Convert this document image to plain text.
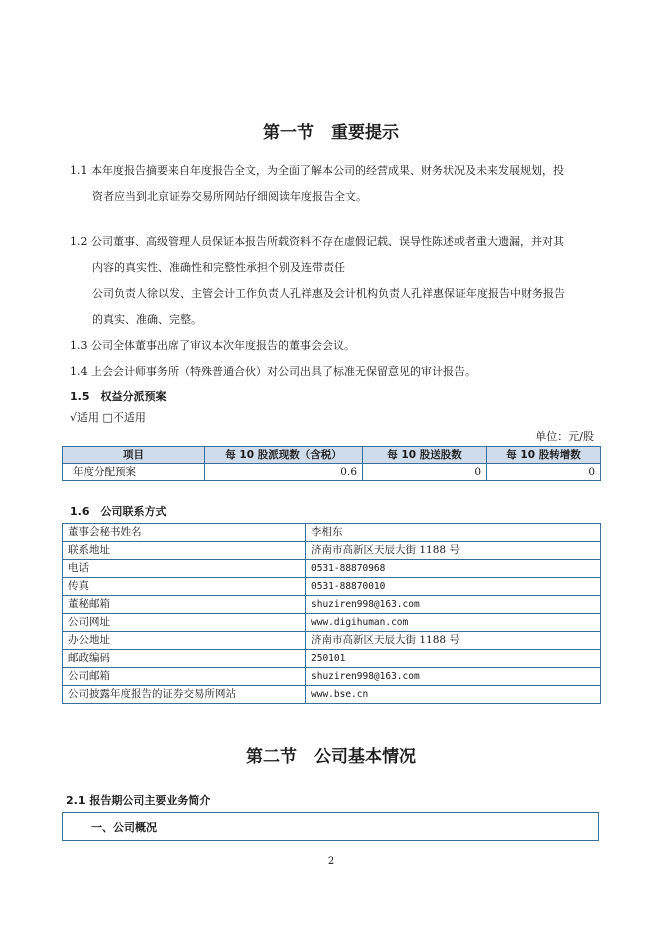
第一节　重要提示
1.1 本年度报告摘要来自年度报告全文，为全面了解本公司的经营成果、财务状况及未来发展规划，投
资者应当到北京证券交易所网站仔细阅读年度报告全文。
1.2 公司董事、高级管理人员保证本报告所载资料不存在虚假记载、误导性陈述或者重大遗漏，并对其
内容的真实性、准确性和完整性承担个别及连带责任
公司负责人徐以发、主管会计工作负责人孔祥惠及会计机构负责人孔祥惠保证年度报告中财务报告
的真实、准确、完整。
1.3 公司全体董事出席了审议本次年度报告的董事会会议。
1.4 上会会计师事务所（特殊普通合伙）对公司出具了标准无保留意见的审计报告。
1.5　权益分派预案
√适用 □不适用
单位：元/股
项目	每 10 股派现数（含税）	每 10 股送股数	每 10 股转增数
年度分配预案	0.6	0	0
1.6　公司联系方式
董事会秘书姓名	李相东
联系地址	济南市高新区天辰大街 1188 号
电话	0531-88870968
传真	0531-88870010
董秘邮箱	shuziren998@163.com
公司网址	www.digihuman.com
办公地址	济南市高新区天辰大街 1188 号
邮政编码	250101
公司邮箱	shuziren998@163.com
公司披露年度报告的证券交易所网站	www.bse.cn
第二节　公司基本情况
2.1 报告期公司主要业务简介
一、公司概况
2
